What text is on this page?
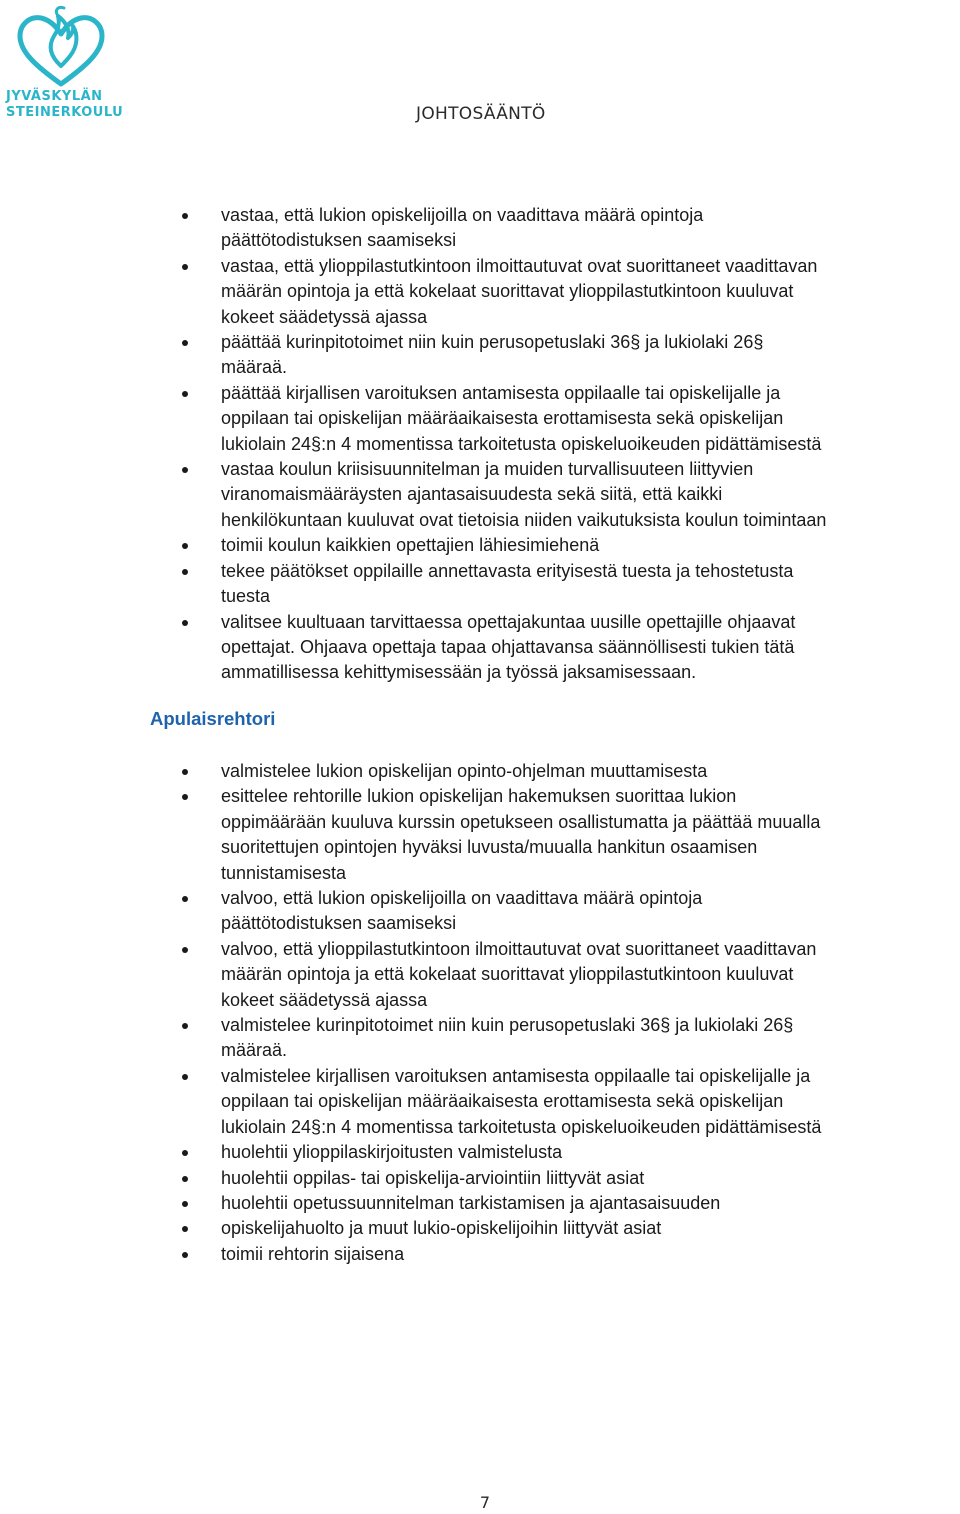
JYVÄSKYLÄN
STEINERKOULU	JOHTOSÄÄNTÖ
vastaa, että lukion opiskelijoilla on vaadittava määrä opintoja
päättötodistuksen saamiseksi
vastaa, että ylioppilastutkintoon ilmoittautuvat ovat suorittaneet vaadittavan
määrän opintoja ja että kokelaat suorittavat ylioppilastutkintoon kuuluvat
kokeet säädetyssä ajassa
päättää kurinpitotoimet niin kuin perusopetuslaki 36§ ja lukiolaki 26§
määraä.
päättää kirjallisen varoituksen antamisesta oppilaalle tai opiskelijalle ja
oppilaan tai opiskelijan määräaikaisesta erottamisesta sekä opiskelijan
lukiolain 24§:n 4 momentissa tarkoitetusta opiskeluoikeuden pidättämisestä
vastaa koulun kriisisuunnitelman ja muiden turvallisuuteen liittyvien
viranomaismääräysten ajantasaisuudesta sekä siitä, että kaikki
henkilökuntaan kuuluvat ovat tietoisia niiden vaikutuksista koulun toimintaan
toimii koulun kaikkien opettajien lähiesimiehenä
tekee päätökset oppilaille annettavasta erityisestä tuesta ja tehostetusta
tuesta
valitsee kuultuaan tarvittaessa opettajakuntaa uusille opettajille ohjaavat
opettajat. Ohjaava opettaja tapaa ohjattavansa säännöllisesti tukien tätä
ammatillisessa kehittymisessään ja työssä jaksamisessaan.
Apulaisrehtori
valmistelee lukion opiskelijan opinto-ohjelman muuttamisesta
esittelee rehtorille lukion opiskelijan hakemuksen suorittaa lukion
oppimäärään kuuluva kurssin opetukseen osallistumatta ja päättää muualla
suoritettujen opintojen hyväksi luvusta/muualla hankitun osaamisen
tunnistamisesta
valvoo, että lukion opiskelijoilla on vaadittava määrä opintoja
päättötodistuksen saamiseksi
valvoo, että ylioppilastutkintoon ilmoittautuvat ovat suorittaneet vaadittavan
määrän opintoja ja että kokelaat suorittavat ylioppilastutkintoon kuuluvat
kokeet säädetyssä ajassa
valmistelee kurinpitotoimet niin kuin perusopetuslaki 36§ ja lukiolaki 26§
määraä.
valmistelee kirjallisen varoituksen antamisesta oppilaalle tai opiskelijalle ja
oppilaan tai opiskelijan määräaikaisesta erottamisesta sekä opiskelijan
lukiolain 24§:n 4 momentissa tarkoitetusta opiskeluoikeuden pidättämisestä
huolehtii ylioppilaskirjoitusten valmistelusta
huolehtii oppilas- tai opiskelija-arviointiin liittyvät asiat
huolehtii opetussuunnitelman tarkistamisen ja ajantasaisuuden
opiskelijahuolto ja muut lukio-opiskelijoihin liittyvät asiat
toimii rehtorin sijaisena
7
